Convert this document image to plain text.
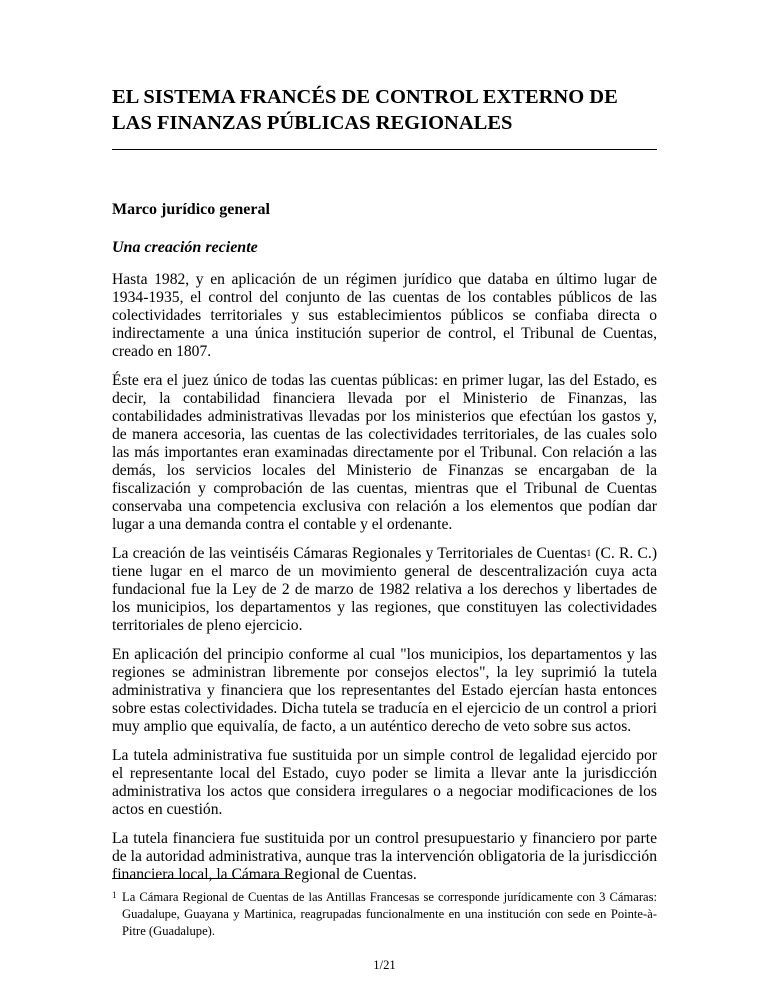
EL SISTEMA FRANCÉS DE CONTROL EXTERNO DE LAS FINANZAS PÚBLICAS REGIONALES
Marco jurídico general
Una creación reciente

Hasta 1982, y en aplicación de un régimen jurídico que databa en último lugar de 1934-1935, el control del conjunto de las cuentas de los contables públicos de las colectividades territoriales y sus establecimientos públicos se confiaba directa o indirectamente a una única institución superior de control, el Tribunal de Cuentas, creado en 1807.

Éste era el juez único de todas las cuentas públicas: en primer lugar, las del Estado, es decir, la contabilidad financiera llevada por el Ministerio de Finanzas, las contabilidades administrativas llevadas por los ministerios que efectúan los gastos y, de manera accesoria, las cuentas de las colectividades territoriales, de las cuales solo las más importantes eran examinadas directamente por el Tribunal. Con relación a las demás, los servicios locales del Ministerio de Finanzas se encargaban de la fiscalización y comprobación de las cuentas, mientras que el Tribunal de Cuentas conservaba una competencia exclusiva con relación a los elementos que podían dar lugar a una demanda contra el contable y el ordenante.

La creación de las veintiséis Cámaras Regionales y Territoriales de Cuentas$^1$ (C. R. C.) tiene lugar en el marco de un movimiento general de descentralización cuya acta fundacional fue la Ley de 2 de marzo de 1982 relativa a los derechos y libertades de los municipios, los departamentos y las regiones, que constituyen las colectividades territoriales de pleno ejercicio.

En aplicación del principio conforme al cual "los municipios, los departamentos y las regiones se administran libremente por consejos electos", la ley suprimió la tutela administrativa y financiera que los representantes del Estado ejercían hasta entonces sobre estas colectividades. Dicha tutela se traducía en el ejercicio de un control a priori muy amplio que equivalía, de facto, a un auténtico derecho de veto sobre sus actos.

La tutela administrativa fue sustituida por un simple control de legalidad ejercido por el representante local del Estado, cuyo poder se limita a llevar ante la jurisdicción administrativa los actos que considera irregulares o a negociar modificaciones de los actos en cuestión.

La tutela financiera fue sustituida por un control presupuestario y financiero por parte de la autoridad administrativa, aunque tras la intervención obligatoria de la jurisdicción financiera local, la Cámara Regional de Cuentas.

1 La Cámara Regional de Cuentas de las Antillas Francesas se corresponde jurídicamente con 3 Cámaras: Guadalupe, Guayana y Martinica, reagrupadas funcionalmente en una institución con sede en Pointe-à-Pitre (Guadalupe).
1/21
